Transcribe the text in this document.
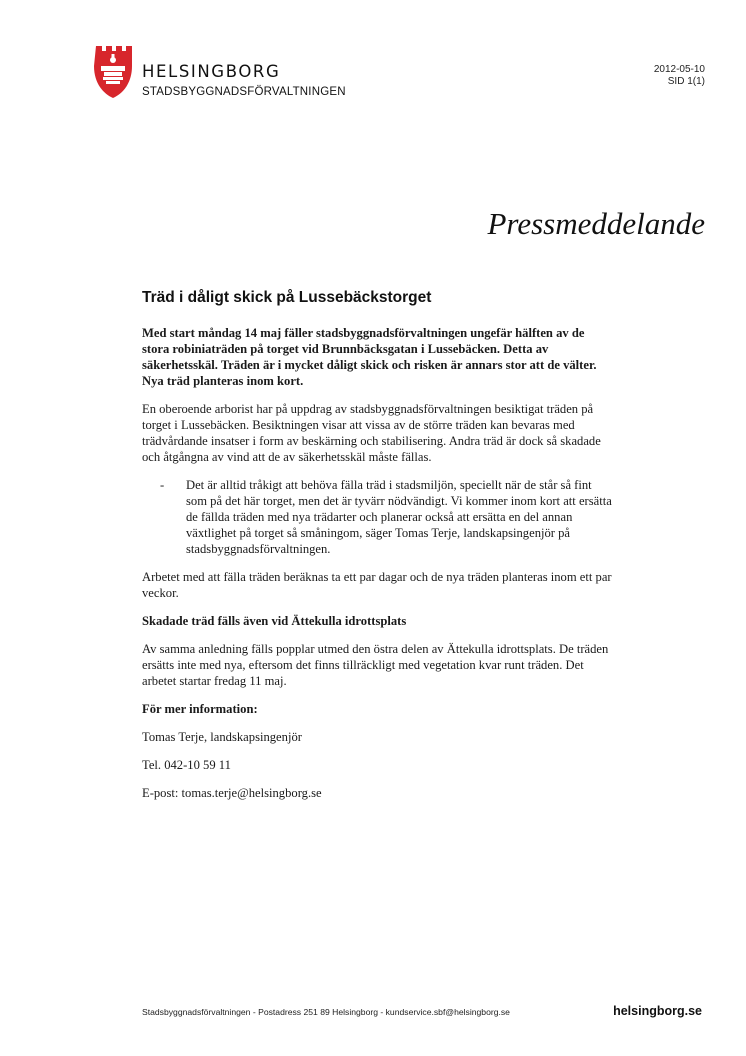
HELSINGBORG
STADSBYGGNADSFÖRVALTNINGEN
2012-05-10
SID 1(1)
Pressmeddelande
Träd i dåligt skick på Lussebäckstorget

Med start måndag 14 maj fäller stadsbyggnadsförvaltningen ungefär hälften av de stora robiniaträden på torget vid Brunnbäcksgatan i Lussebäcken. Detta av säkerhetsskäl. Träden är i mycket dåligt skick och risken är annars stor att de välter. Nya träd planteras inom kort.

En oberoende arborist har på uppdrag av stadsbyggnadsförvaltningen besiktigat träden på torget i Lussebäcken. Besiktningen visar att vissa av de större träden kan bevaras med trädvårdande insatser i form av beskärning och stabilisering. Andra träd är dock så skadade och åtgångna av vind att de av säkerhetsskäl måste fällas.

- Det är alltid tråkigt att behöva fälla träd i stadsmiljön, speciellt när de står så fint som på det här torget, men det är tyvärr nödvändigt. Vi kommer inom kort att ersätta de fällda träden med nya trädarter och planerar också att ersätta en del annan växtlighet på torget så småningom, säger Tomas Terje, landskapsingenjör på stadsbyggnadsförvaltningen.

Arbetet med att fälla träden beräknas ta ett par dagar och de nya träden planteras inom ett par veckor.

Skadade träd fälls även vid Ättekulla idrottsplats

Av samma anledning fälls popplar utmed den östra delen av Ättekulla idrottsplats. De träden ersätts inte med nya, eftersom det finns tillräckligt med vegetation kvar runt träden. Det arbetet startar fredag 11 maj.

För mer information:

Tomas Terje, landskapsingenjör

Tel. 042-10 59 11

E-post: tomas.terje@helsingborg.se

Stadsbyggnadsförvaltningen - Postadress 251 89 Helsingborg - kundservice.sbf@helsingborg.se	helsingborg.se
